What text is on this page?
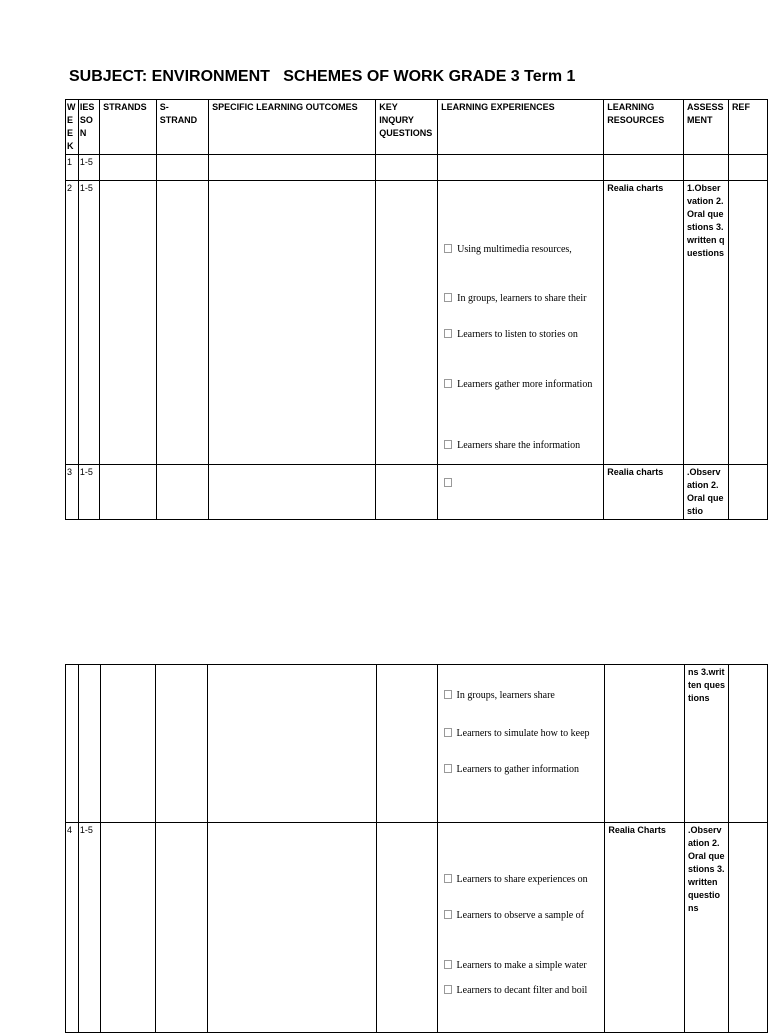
SUBJECT: ENVIRONMENT   SCHEMES OF WORK GRADE 3 Term 1
WEEK	IESSON	STRANDS	S-STRAND	SPECIFIC LEARNING OUTCOMES	KEY INQURY QUESTIONS	LEARNING EXPERIENCES	LEARNING RESOURCES	ASSESS MENT	REF
1	1-5								
2	1-5					Using multimedia resources,
In groups, learners to share their
Learners to listen to stories on
Learners gather more information
Learners share the information	Realia charts	1.Observation 2.Oral questions 3.written questions	
3	1-5						Realia charts	.Observation 2.Oral questio	

						In groups, learners share
Learners to simulate how to keep
Learners to gather information		ns 3.written questions	
4	1-5					Learners to share experiences on
Learners to observe a sample of
Learners to make a simple water
Learners to decant filter and boil	Realia Charts	.Observation 2.Oral questions 3.written questions	
